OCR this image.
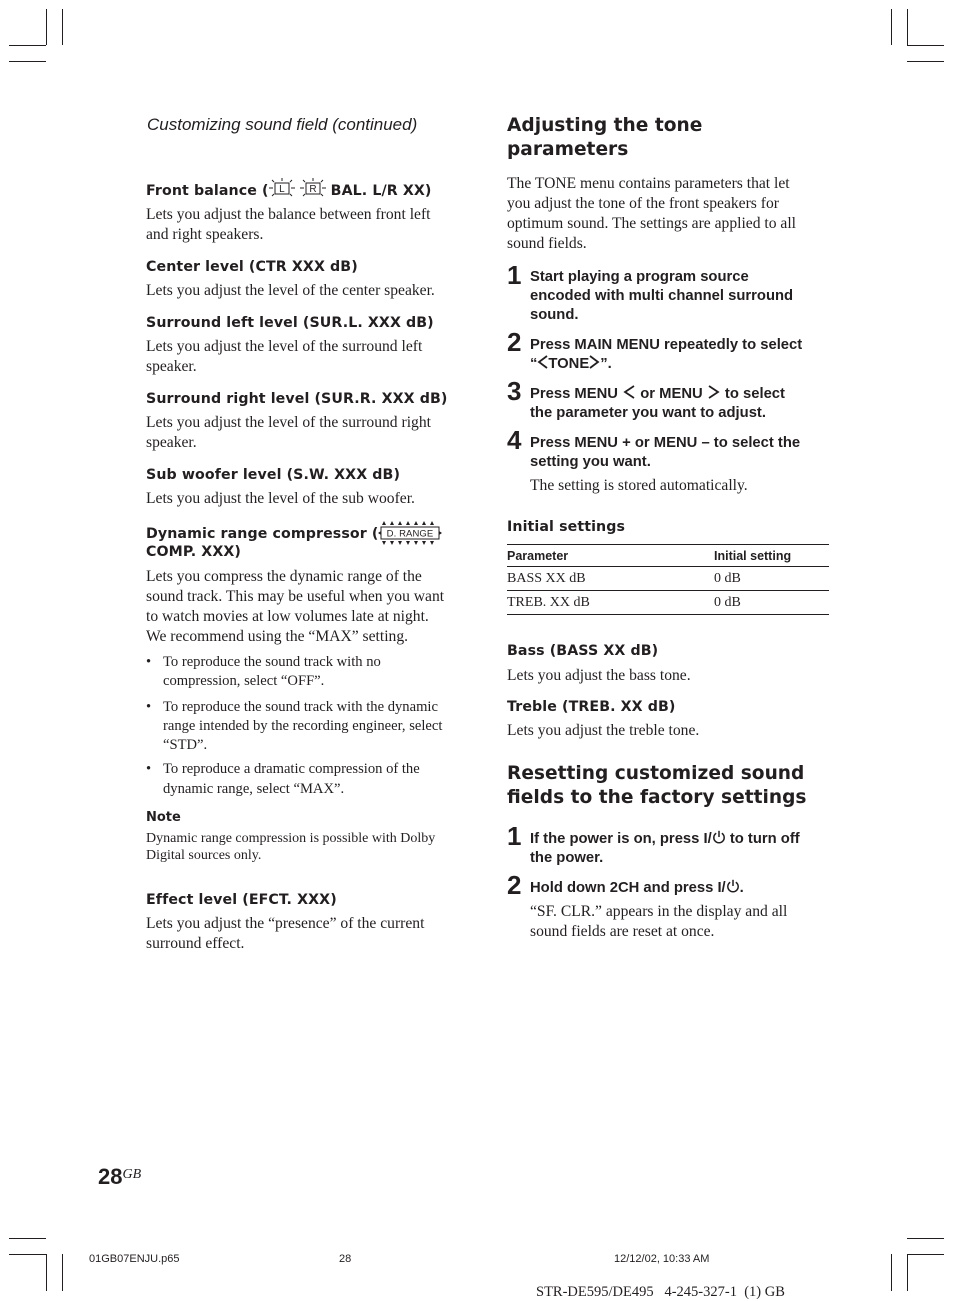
Customizing sound field (continued)
Front balance ( L
R BAL. L/R XX)
Lets you adjust the balance between front left
and right speakers.
Center level (CTR XXX dB)
Lets you adjust the level of the center speaker.
Surround left level (SUR.L. XXX dB)
Lets you adjust the level of the surround left
speaker.
Surround right level (SUR.R. XXX dB)
Lets you adjust the level of the surround right
speaker.
Sub woofer level (S.W. XXX dB)
Lets you adjust the level of the sub woofer.
Dynamic range compressor ( D. RANGE
COMP. XXX)
Lets you compress the dynamic range of the
sound track. This may be useful when you want
to watch movies at low volumes late at night.
We recommend using the “MAX” setting.
• To reproduce the sound track with no
compression, select “OFF”.
• To reproduce the sound track with the dynamic
range intended by the recording engineer, select
“STD”.
• To reproduce a dramatic compression of the
dynamic range, select “MAX”.
Note
Dynamic range compression is possible with Dolby
Digital sources only.
Effect level (EFCT. XXX)
Lets you adjust the “presence” of the current
surround effect.
Adjusting the tone
parameters
The TONE menu contains parameters that let
you adjust the tone of the front speakers for
optimum sound. The settings are applied to all
sound fields.
1 Start playing a program source
encoded with multi channel surround
sound.
2 Press MAIN MENU repeatedly to select
“ TONE ”.
3 Press MENU  or MENU  to select
the parameter you want to adjust.
4 Press MENU + or MENU – to select the
setting you want.
The setting is stored automatically.
Initial settings
Parameter	Initial setting
BASS XX dB	0 dB
TREB. XX dB	0 dB
Bass (BASS XX dB)
Lets you adjust the bass tone.
Treble (TREB. XX dB)
Lets you adjust the treble tone.
Resetting customized sound
fields to the factory settings
1 If the power is on, press I/ to turn off
the power.
2 Hold down 2CH and press I/ .
“SF. CLR.” appears in the display and all
sound fields are reset at once.
28GB
01GB07ENJU.p65	28	12/12/02, 10:33 AM
STR-DE595/DE495   4-245-327-1  (1) GB
